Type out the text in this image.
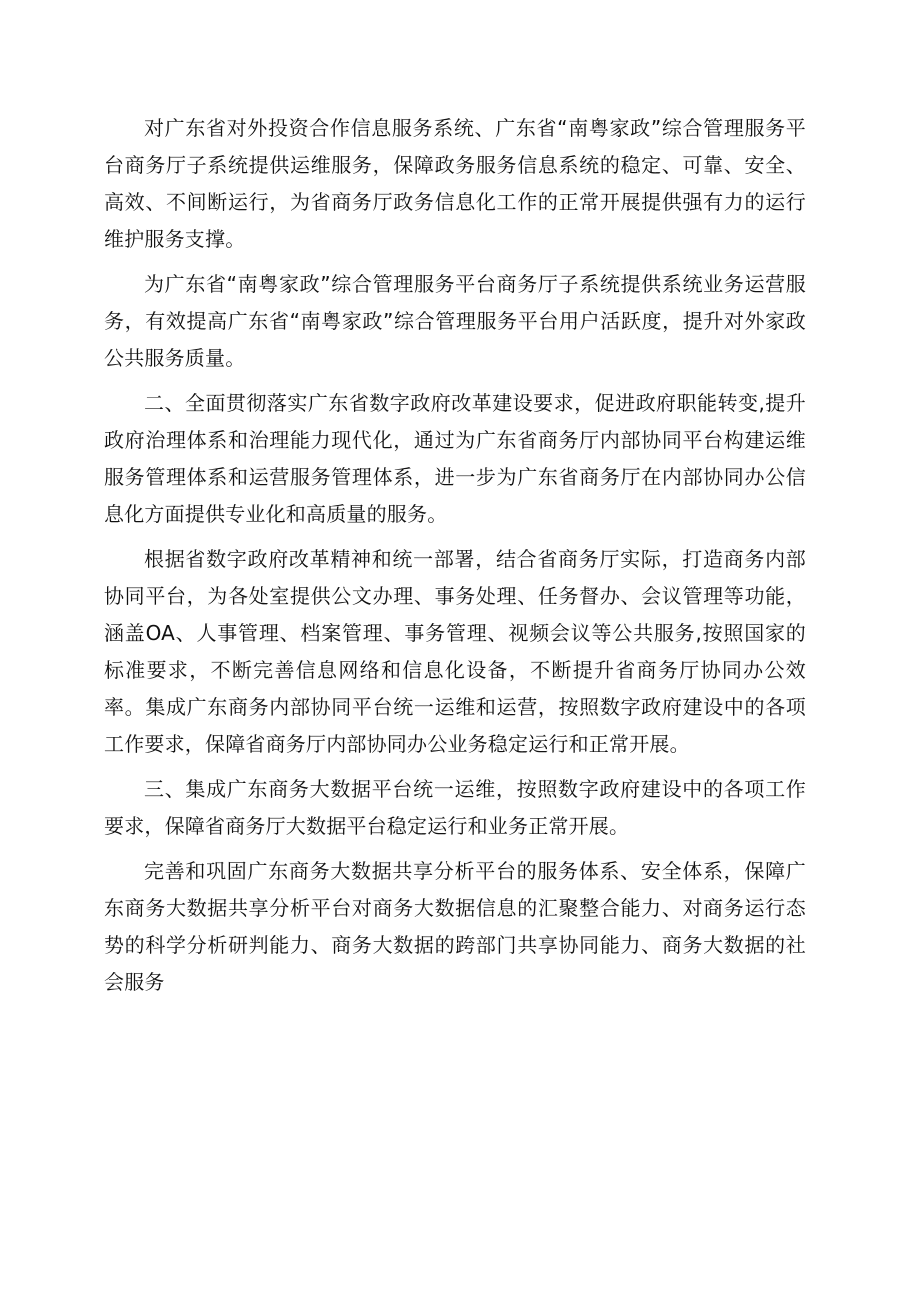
对广东省对外投资合作信息服务系统、广东省“南粤家政”综合管理服务平台商务厅子系统提供运维服务，保障政务服务信息系统的稳定、可靠、安全、高效、不间断运行，为省商务厅政务信息化工作的正常开展提供强有力的运行维护服务支撑。

为广东省“南粤家政”综合管理服务平台商务厅子系统提供系统业务运营服务，有效提高广东省“南粤家政”综合管理服务平台用户活跃度，提升对外家政公共服务质量。

二、全面贯彻落实广东省数字政府改革建设要求，促进政府职能转变,提升政府治理体系和治理能力现代化，通过为广东省商务厅内部协同平台构建运维服务管理体系和运营服务管理体系，进一步为广东省商务厅在内部协同办公信息化方面提供专业化和高质量的服务。

根据省数字政府改革精神和统一部署，结合省商务厅实际，打造商务内部协同平台，为各处室提供公文办理、事务处理、任务督办、会议管理等功能，涵盖OA、人事管理、档案管理、事务管理、视频会议等公共服务,按照国家的标准要求，不断完善信息网络和信息化设备，不断提升省商务厅协同办公效率。集成广东商务内部协同平台统一运维和运营，按照数字政府建设中的各项工作要求，保障省商务厅内部协同办公业务稳定运行和正常开展。

三、集成广东商务大数据平台统一运维，按照数字政府建设中的各项工作要求，保障省商务厅大数据平台稳定运行和业务正常开展。

完善和巩固广东商务大数据共享分析平台的服务体系、安全体系，保障广东商务大数据共享分析平台对商务大数据信息的汇聚整合能力、对商务运行态势的科学分析研判能力、商务大数据的跨部门共享协同能力、商务大数据的社会服务
